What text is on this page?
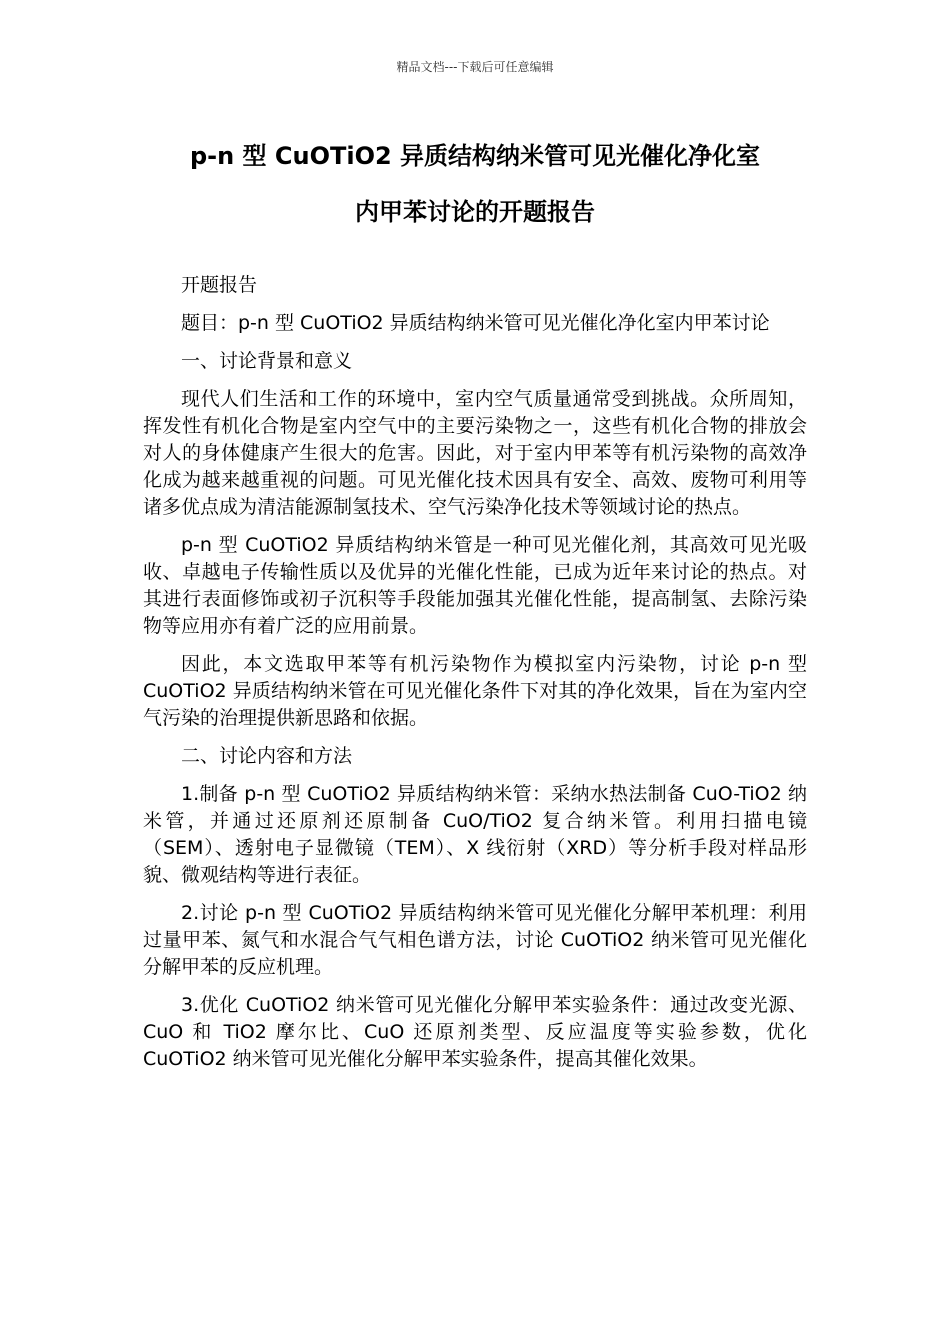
精品文档---下载后可任意编辑
p-n 型 CuOTiO2 异质结构纳米管可见光催化净化室
内甲苯讨论的开题报告

开题报告

题目：p-n 型 CuOTiO2 异质结构纳米管可见光催化净化室内甲苯讨论

一、讨论背景和意义

现代人们生活和工作的环境中，室内空气质量通常受到挑战。众所周知，挥发性有机化合物是室内空气中的主要污染物之一，这些有机化合物的排放会对人的身体健康产生很大的危害。因此，对于室内甲苯等有机污染物的高效净化成为越来越重视的问题。可见光催化技术因具有安全、高效、废物可利用等诸多优点成为清洁能源制氢技术、空气污染净化技术等领域讨论的热点。

p-n 型 CuOTiO2 异质结构纳米管是一种可见光催化剂，其高效可见光吸收、卓越电子传输性质以及优异的光催化性能，已成为近年来讨论的热点。对其进行表面修饰或初子沉积等手段能加强其光催化性能，提高制氢、去除污染物等应用亦有着广泛的应用前景。

因此，本文选取甲苯等有机污染物作为模拟室内污染物，讨论 p-n 型 CuOTiO2 异质结构纳米管在可见光催化条件下对其的净化效果，旨在为室内空气污染的治理提供新思路和依据。

二、讨论内容和方法

1.制备 p-n 型 CuOTiO2 异质结构纳米管：采纳水热法制备 CuO-TiO2 纳米管，并通过还原剂还原制备 CuO/TiO2 复合纳米管。利用扫描电镜（SEM）、透射电子显微镜（TEM）、X 线衍射（XRD）等分析手段对样品形貌、微观结构等进行表征。

2.讨论 p-n 型 CuOTiO2 异质结构纳米管可见光催化分解甲苯机理：利用过量甲苯、氮气和水混合气气相色谱方法，讨论 CuOTiO2 纳米管可见光催化分解甲苯的反应机理。

3.优化 CuOTiO2 纳米管可见光催化分解甲苯实验条件：通过改变光源、CuO 和 TiO2 摩尔比、CuO 还原剂类型、反应温度等实验参数，优化 CuOTiO2 纳米管可见光催化分解甲苯实验条件，提高其催化效果。
